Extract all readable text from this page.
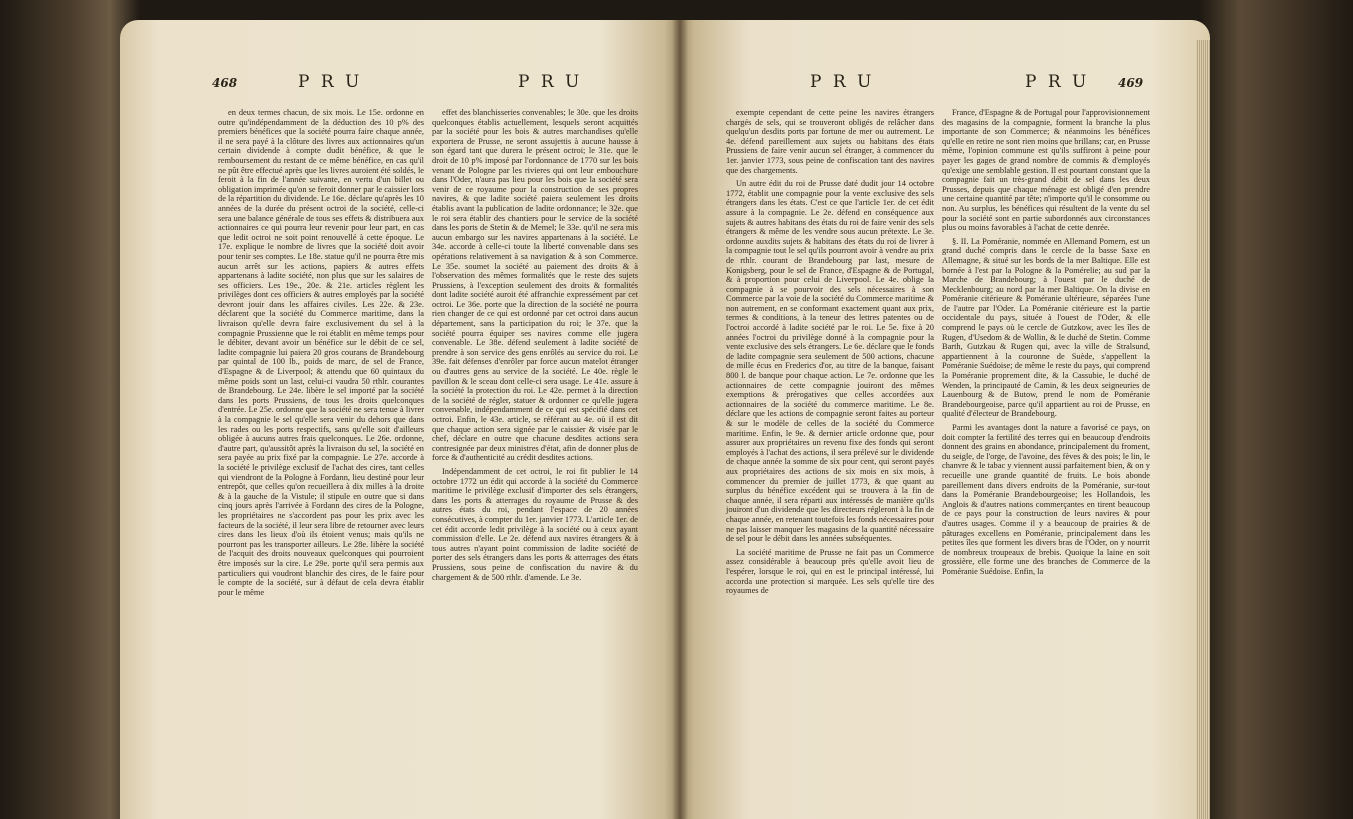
468	P R U	P R U

en deux termes chacun, de six mois. Le 15e. ordonne en outre qu'indépendamment de la déduction des 10 p% des premiers bénéfices que la société pourra faire chaque année, il ne sera payé à la clôture des livres aux actionnaires qu'un certain dividende à compte dudit bénéfice, & que le remboursement du restant de ce même bénéfice, en cas qu'il ne pût être effectué après que les livres auroient été soldés, le feroit à la fin de l'année suivante, en vertu d'un billet ou obligation imprimée qu'on se feroit donner par le caissier lors de la répartition du dividende. Le 16e. déclare qu'après les 10 années de la durée du présent octroi de la société, celle-ci sera une balance générale de tous ses effets & distribuera aux actionnaires ce qui pourra leur revenir pour leur part, en cas que ledit octroi ne soit point renouvellé à cette époque. Le 17e. explique le nombre de livres que la société doit avoir pour tenir ses comptes. Le 18e. statue qu'il ne pourra être mis aucun arrêt sur les actions, papiers & autres effets appartenans à ladite société, non plus que sur les salaires de ses officiers. Les 19e., 20e. & 21e. articles règlent les privilèges dont ces officiers & autres employés par la société devront jouir dans les affaires civiles. Les 22e. & 23e. déclarent que la société du Commerce maritime, dans la livraison qu'elle devra faire exclusivement du sel à la compagnie Prussienne que le roi établit en même temps pour le débiter, devant avoir un bénéfice sur le débit de ce sel, ladite compagnie lui paiera 20 gros courans de Brandebourg par quintal de 100 lb., poids de marc, de sel de France, d'Espagne & de Liverpool; & attendu que 60 quintaux du même poids sont un last, celui-ci vaudra 50 rthlr. courantes de Brandebourg. Le 24e. libère le sel importé par la société dans les ports Prussiens, de tous les droits quelconques d'entrée. Le 25e. ordonne que la société ne sera tenue à livrer à la compagnie le sel qu'elle sera venir du dehors que dans les rades ou les ports respectifs, sans qu'elle soit d'ailleurs obligée à aucuns autres frais quelconques. Le 26e. ordonne, d'autre part, qu'aussitôt après la livraison du sel, la société en sera payée au prix fixé par la compagnie. Le 27e. accorde à la société le privilège exclusif de l'achat des cires, tant celles qui viendront de la Pologne à Fordann, lieu destiné pour leur entrepôt, que celles qu'on recueillera à dix milles à la droite & à la gauche de la Vistule; il stipule en outre que si dans cinq jours après l'arrivée à Fordann des cires de la Pologne, les propriétaires ne s'accordent pas pour les prix avec les facteurs de la société, il leur sera libre de retourner avec leurs cires dans les lieux d'où ils étoient venus; mais qu'ils ne pourront pas les transporter ailleurs. Le 28e. libère la société de l'acquit des droits nouveaux quelconques qui pourroient être imposés sur la cire. Le 29e. porte qu'il sera permis aux particuliers qui voudront blanchir des cires, de le faire pour le compte de la société, sur à défaut de cela devra établir pour le même

effet des blanchisseries convenables; le 30e. que les droits quelconques établis actuellement, lesquels seront acquittés par la société pour les bois & autres marchandises qu'elle exportera de Prusse, ne seront assujettis à aucune hausse à son égard tant que durera le présent octroi; le 31e. que le droit de 10 p% imposé par l'ordonnance de 1770 sur les bois venant de Pologne par les rivieres qui ont leur embouchure dans l'Oder, n'aura pas lieu pour les bois que la société sera venir de ce royaume pour la construction de ses propres navires, & que ladite société paiera seulement les droits établis avant la publication de ladite ordonnance; le 32e. que le roi sera établir des chantiers pour le service de la société dans les ports de Stetin & de Memel; le 33e. qu'il ne sera mis aucun embargo sur les navires appartenans à la société. Le 34e. accorde à celle-ci toute la liberté convenable dans ses opérations relativement à sa navigation & à son Commerce. Le 35e. soumet la société au paiement des droits & à l'observation des mêmes formalités que le reste des sujets Prussiens, à l'exception seulement des droits & formalités dont ladite société auroit été affranchie expressément par cet octroi. Le 36e. porte que la direction de la société ne pourra rien changer de ce qui est ordonné par cet octroi dans aucun département, sans la participation du roi; le 37e. que la société pourra équiper ses navires comme elle jugera convenable. Le 38e. défend seulement à ladite société de prendre à son service des gens enrôlés au service du roi. Le 39e. fait défenses d'enrôler par force aucun matelot étranger ou d'autres gens au service de la société. Le 40e. règle le pavillon & le sceau dont celle-ci sera usage. Le 41e. assure à la société la protection du roi. Le 42e. permet à la direction de la société de régler, statuer & ordonner ce qu'elle jugera convenable, indépendamment de ce qui est spécifié dans cet octroi. Enfin, le 43e. article, se référant au 4e. où il est dit que chaque action sera signée par le caissier & visée par le chef, déclare en outre que chacune desdites actions sera contresignée par deux ministres d'état, afin de donner plus de force & d'authenticité au crédit desdites actions.

Indépendamment de cet octroi, le roi fit publier le 14 octobre 1772 un édit qui accorde à la société du Commerce maritime le privilège exclusif d'importer des sels étrangers, dans les ports & atterrages du royaume de Prusse & des autres états du roi, pendant l'espace de 20 années consécutives, à compter du 1er. janvier 1773. L'article 1er. de cet édit accorde ledit privilège à la société ou à ceux ayant commission d'elle. Le 2e. défend aux navires étrangers & à tous autres n'ayant point commission de ladite société de porter des sels étrangers dans les ports & atterrages des états Prussiens, sous peine de confiscation du navire & du chargement & de 500 rthlr. d'amende. Le 3e.

P R U	P R U 469

exempte cependant de cette peine les navires étrangers chargés de sels, qui se trouveront obligés de relâcher dans quelqu'un desdits ports par fortune de mer ou autrement. Le 4e. défend pareillement aux sujets ou habitans des états Prussiens de faire venir aucun sel étranger, à commencer du 1er. janvier 1773, sous peine de confiscation tant des navires que des chargements.

Un autre édit du roi de Prusse daté dudit jour 14 octobre 1772, établit une compagnie pour la vente exclusive des sels étrangers dans les états. C'est ce que l'article 1er. de cet édit assure à la compagnie. Le 2e. défend en conséquence aux sujets & autres habitans des états du roi de faire venir des sels étrangers & même de les vendre sous aucun prétexte. Le 3e. ordonne auxdits sujets & habitans des états du roi de livrer à la compagnie tout le sel qu'ils pourront avoir à vendre au prix de rthlr. courant de Brandebourg par last, mesure de Konigsberg, pour le sel de France, d'Espagne & de Portugal, & à proportion pour celui de Liverpool. Le 4e. oblige la compagnie à se pourvoir des sels nécessaires à son Commerce par la voie de la société du Commerce maritime & non autrement, en se conformant exactement quant aux prix, termes & conditions, à la teneur des lettres patentes ou de l'octroi accordé à ladite société par le roi. Le 5e. fixe à 20 années l'octroi du privilège donné à la compagnie pour la vente exclusive des sels étrangers. Le 6e. déclare que le fonds de ladite compagnie sera seulement de 500 actions, chacune de mille écus en Frederics d'or, au titre de la banque, faisant 800 l. de banque pour chaque action. Le 7e. ordonne que les actionnaires de cette compagnie jouiront des mêmes exemptions & prérogatives que celles accordées aux actionnaires de la société du commerce maritime. Le 8e. déclare que les actions de compagnie seront faites au porteur & sur le modèle de celles de la société du Commerce maritime. Enfin, le 9e. & dernier article ordonne que, pour assurer aux propriétaires un revenu fixe des fonds qui seront employés à l'achat des actions, il sera prélevé sur le dividende de chaque année la somme de six pour cent, qui seront payés aux propriétaires des actions de six mois en six mois, à commencer du premier de juillet 1773, & que quant au surplus du bénéfice excédent qui se trouvera à la fin de chaque année, il sera réparti aux intéressés de manière qu'ils jouiront d'un dividende que les directeurs régleront à la fin de chaque année, en retenant toutefois les fonds nécessaires pour ne pas laisser manquer les magasins de la quantité nécessaire de sel pour le débit dans les années subséquentes.

La société maritime de Prusse ne fait pas un Commerce assez considérable à beaucoup près qu'elle avoit lieu de l'espérer, lorsque le roi, qui en est le principal intéressé, lui accorda une protection si marquée. Les sels qu'elle tire des royaumes de

France, d'Espagne & de Portugal pour l'approvisionnement des magasins de la compagnie, forment la branche la plus importante de son Commerce; & néanmoins les bénéfices qu'elle en retire ne sont rien moins que brillans; car, en Prusse même, l'opinion commune est qu'ils suffiront à peine pour payer les gages de grand nombre de commis & d'employés qu'exige une semblable gestion. Il est pourtant constant que la compagnie fait un très-grand débit de sel dans les deux Prusses, depuis que chaque ménage est obligé d'en prendre une certaine quantité par tête; n'importe qu'il le consomme ou non. Au surplus, les bénéfices qui résultent de la vente du sel pour la société sont en partie subordonnés aux circonstances plus ou moins favorables à l'achat de cette denrée.

§. II. La Poméranie, nommée en Allemand Pomern, est un grand duché compris dans le cercle de la basse Saxe en Allemagne, & situé sur les bords de la mer Baltique. Elle est bornée à l'est par la Pologne & la Pomérelie; au sud par la Marche de Brandebourg; à l'ouest par le duché de Mecklenbourg; au nord par la mer Baltique. On la divise en Poméranie citérieure & Poméranie ultérieure, séparées l'une de l'autre par l'Oder. La Poméranie citérieure est la partie occidentale du pays, située à l'ouest de l'Oder, & elle comprend le pays où le cercle de Gutzkow, avec les îles de Rugen, d'Usedom & de Wollin, & le duché de Stetin. Comme Barth, Gutzkau & Rugen qui, avec la ville de Stralsund, appartiennent à la couronne de Suède, s'appellent la Poméranie Suédoise; de même le reste du pays, qui comprend la Poméranie proprement dite, & la Cassubie, le duché de Wenden, la principauté de Camin, & les deux seigneuries de Lauenbourg & de Butow, prend le nom de Poméranie Brandebourgeoise, parce qu'il appartient au roi de Prusse, en qualité d'électeur de Brandebourg.

Parmi les avantages dont la nature a favorisé ce pays, on doit compter la fertilité des terres qui en beaucoup d'endroits donnent des grains en abondance, principalement du froment, du seigle, de l'orge, de l'avoine, des fèves & des pois; le lin, le chanvre & le tabac y viennent aussi parfaitement bien, & on y recueille une grande quantité de fruits. Le bois abonde pareillement dans divers endroits de la Poméranie, sur-tout dans la Poméranie Brandebourgeoise; les Hollandois, les Anglois & d'autres nations commerçantes en tirent beaucoup de ce pays pour la construction de leurs navires & pour d'autres usages. Comme il y a beaucoup de prairies & de pâturages excellens en Poméranie, principalement dans les petites îles que forment les divers bras de l'Oder, on y nourrit de nombreux troupeaux de brebis. Quoique la laine en soit grossière, elle forme une des branches de Commerce de la Poméranie Suédoise. Enfin, la
